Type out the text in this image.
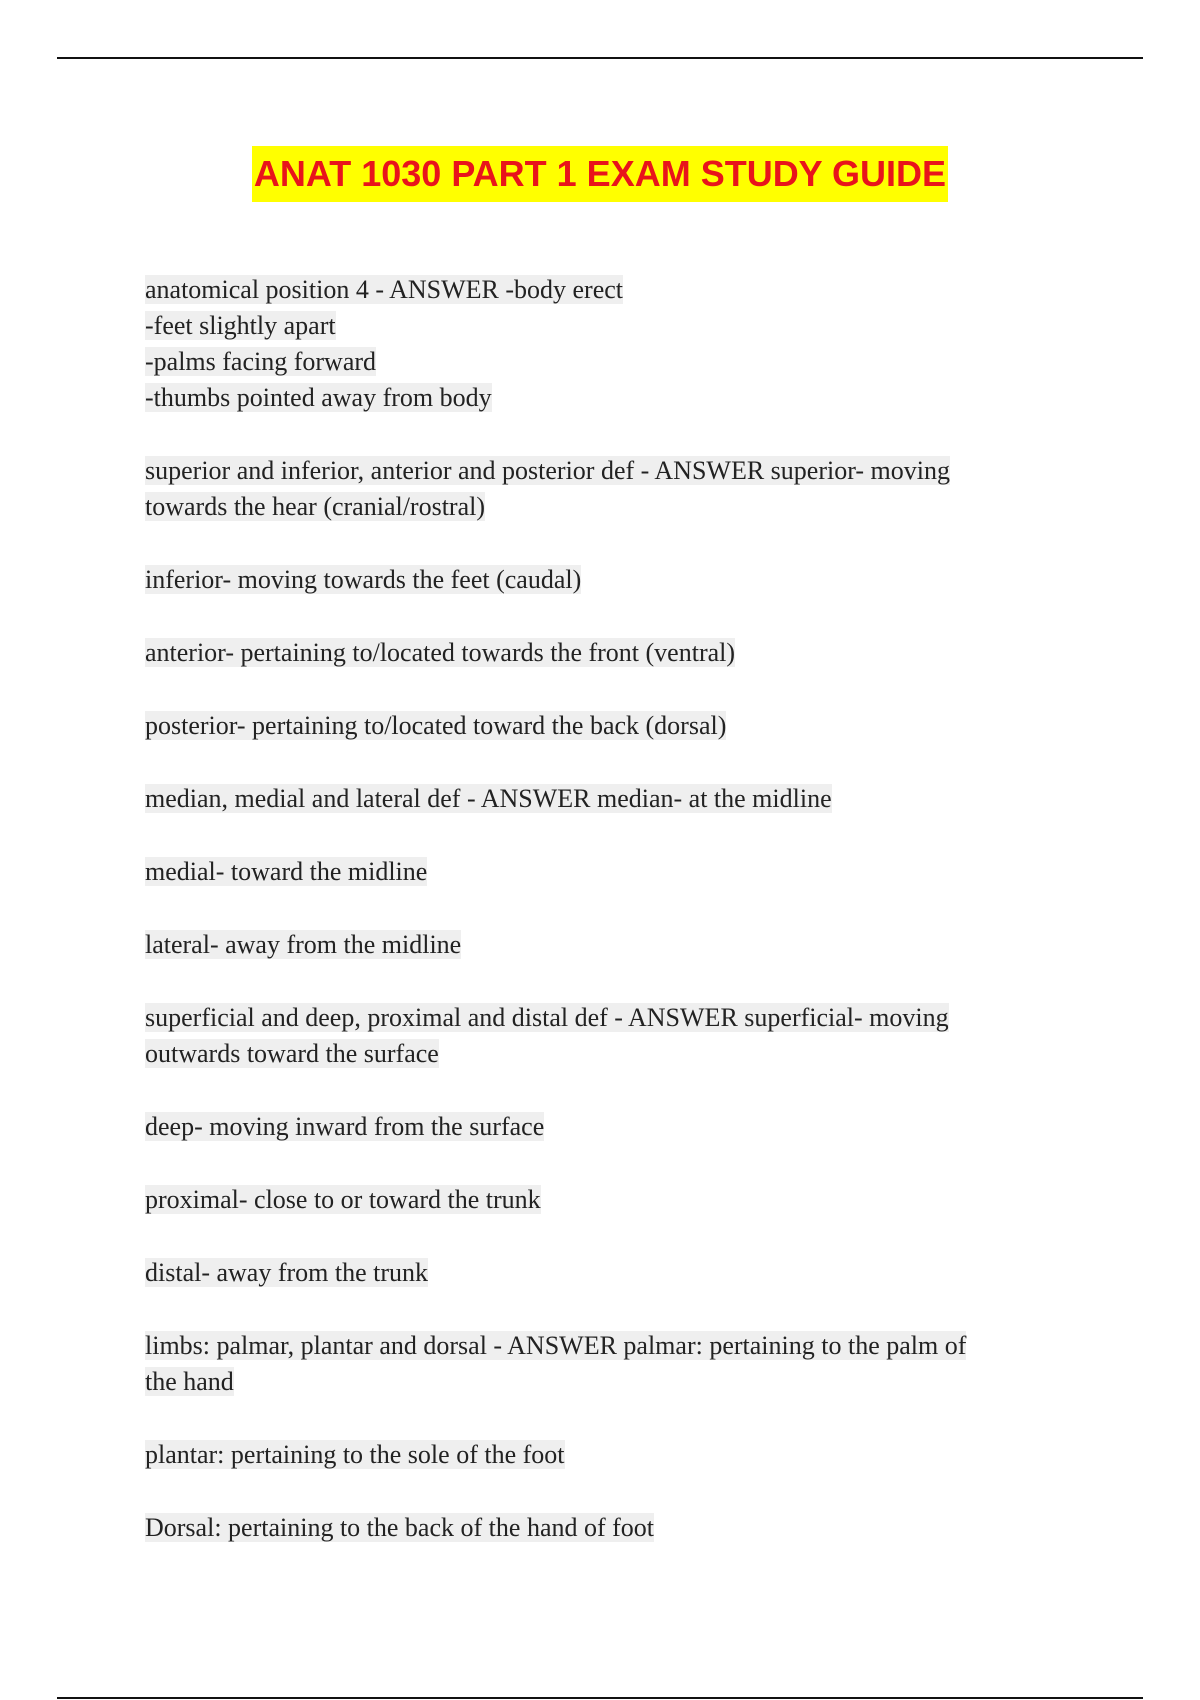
ANAT 1030 PART 1 EXAM STUDY GUIDE
anatomical position 4 - ANSWER -body erect
-feet slightly apart
-palms facing forward
-thumbs pointed away from body
superior and inferior, anterior and posterior def - ANSWER superior- moving
towards the hear (cranial/rostral)
inferior- moving towards the feet (caudal)
anterior- pertaining to/located towards the front (ventral)
posterior- pertaining to/located toward the back (dorsal)
median, medial and lateral def - ANSWER median- at the midline
medial- toward the midline
lateral- away from the midline
superficial and deep, proximal and distal def - ANSWER superficial- moving
outwards toward the surface
deep- moving inward from the surface
proximal- close to or toward the trunk
distal- away from the trunk
limbs: palmar, plantar and dorsal - ANSWER palmar: pertaining to the palm of
the hand
plantar: pertaining to the sole of the foot
Dorsal: pertaining to the back of the hand of foot
